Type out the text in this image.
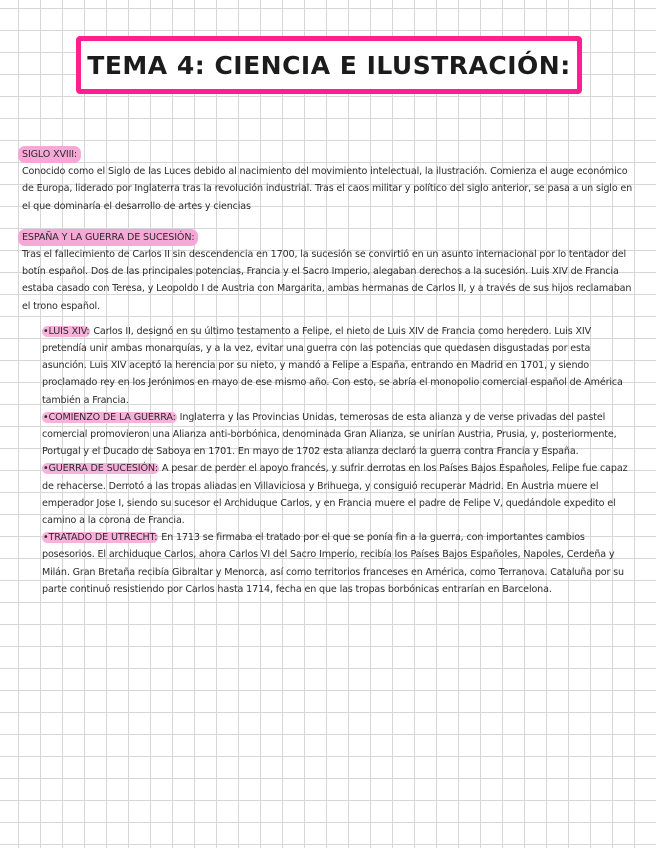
TEMA 4: CIENCIA E ILUSTRACIÓN:
SIGLO XVIII:

Conocido como el Siglo de las Luces debido al nacimiento del movimiento intelectual, la ilustración. Comienza el auge económico de Europa, liderado por Inglaterra tras la revolución industrial. Tras el caos militar y político del siglo anterior, se pasa a un siglo en el que dominaría el desarrollo de artes y ciencias

ESPAÑA Y LA GUERRA DE SUCESIÓN:

Tras el fallecimiento de Carlos II sin descendencia en 1700, la sucesión se convirtió en un asunto internacional por lo tentador del botín español. Dos de las principales potencias, Francia y el Sacro Imperio, alegaban derechos a la sucesión. Luis XIV de Francia estaba casado con Teresa, y Leopoldo I de Austria con Margarita, ambas hermanas de Carlos II, y a través de sus hijos reclamaban el trono español.

•LUIS XIV: Carlos II, designó en su último testamento a Felipe, el nieto de Luis XIV de Francia como heredero. Luis XIV pretendía unir ambas monarquías, y a la vez, evitar una guerra con las potencias que quedasen disgustadas por esta asunción. Luis XIV aceptó la herencia por su nieto, y mandó a Felipe a España, entrando en Madrid en 1701, y siendo proclamado rey en los Jerónimos en mayo de ese mismo año. Con esto, se abría el monopolio comercial español de América también a Francia.
•COMIENZO DE LA GUERRA: Inglaterra y las Provincias Unidas, temerosas de esta alianza y de verse privadas del pastel comercial promovieron una Alianza anti-borbónica, denominada Gran Alianza, se unirían Austria, Prusia, y, posteriormente, Portugal y el Ducado de Saboya en 1701. En mayo de 1702 esta alianza declaró la guerra contra Francia y España.
•GUERRA DE SUCESIÓN: A pesar de perder el apoyo francés, y sufrir derrotas en los Países Bajos Españoles, Felipe fue capaz de rehacerse. Derrotó a las tropas aliadas en Villaviciosa y Brihuega, y consiguió recuperar Madrid. En Austria muere el emperador Jose I, siendo su sucesor el Archiduque Carlos, y en Francia muere el padre de Felipe V, quedándole expedito el camino a la corona de Francia.
•TRATADO DE UTRECHT: En 1713 se firmaba el tratado por el que se ponía fin a la guerra, con importantes cambios posesorios. El archiduque Carlos, ahora Carlos VI del Sacro Imperio, recibía los Países Bajos Españoles, Napoles, Cerdeña y Milán. Gran Bretaña recibía Gibraltar y Menorca, así como territorios franceses en América, como Terranova. Cataluña por su parte continuó resistiendo por Carlos hasta 1714, fecha en que las tropas borbónicas entrarían en Barcelona.
